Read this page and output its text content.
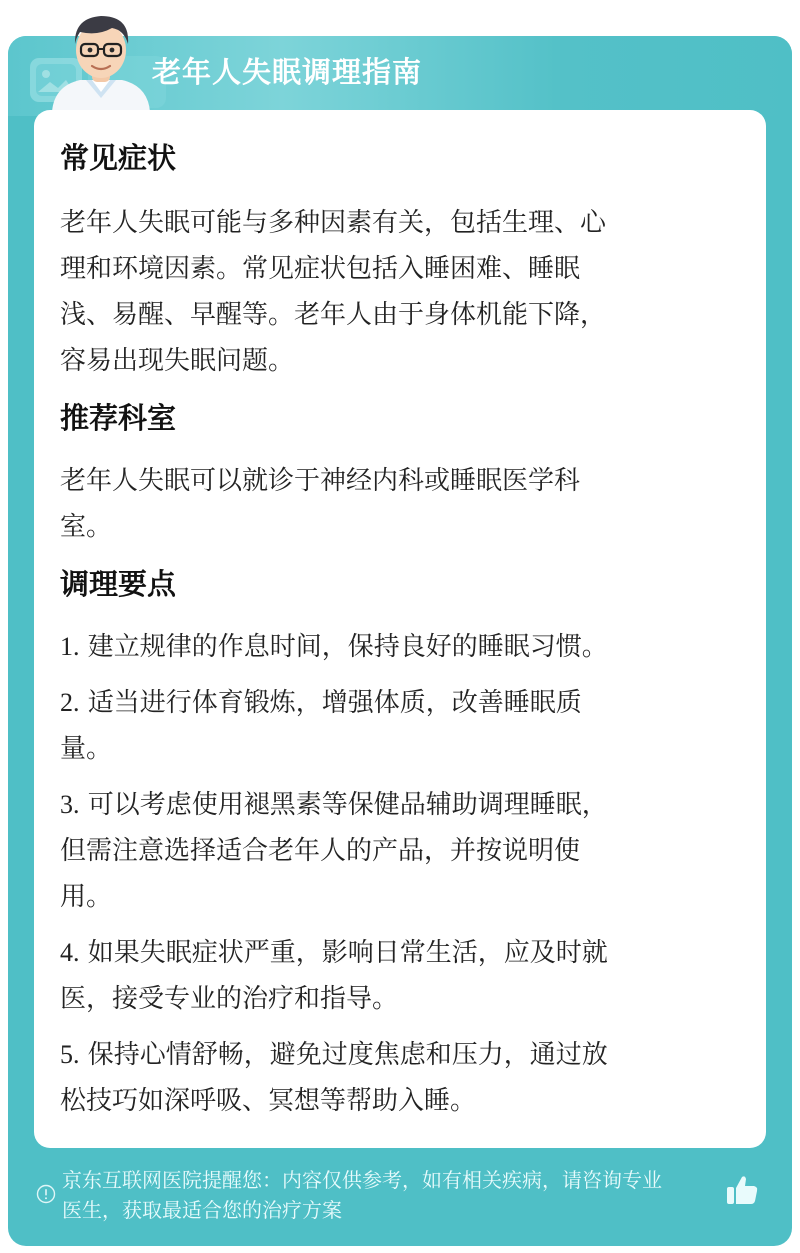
老年人失眠调理指南
常见症状

老年人失眠可能与多种因素有关，包括生理、心

理和环境因素。常见症状包括入睡困难、睡眠

浅、易醒、早醒等。老年人由于身体机能下降，

容易出现失眠问题。

推荐科室

老年人失眠可以就诊于神经内科或睡眠医学科

室。

调理要点

1. 建立规律的作息时间，保持良好的睡眠习惯。

2. 适当进行体育锻炼，增强体质，改善睡眠质

量。

3. 可以考虑使用褪黑素等保健品辅助调理睡眠，

但需注意选择适合老年人的产品，并按说明使

用。

4. 如果失眠症状严重，影响日常生活，应及时就

医，接受专业的治疗和指导。

5. 保持心情舒畅，避免过度焦虑和压力，通过放

松技巧如深呼吸、冥想等帮助入睡。

京东互联网医院提醒您：内容仅供参考，如有相关疾病，请咨询专业
医生，获取最适合您的治疗方案
